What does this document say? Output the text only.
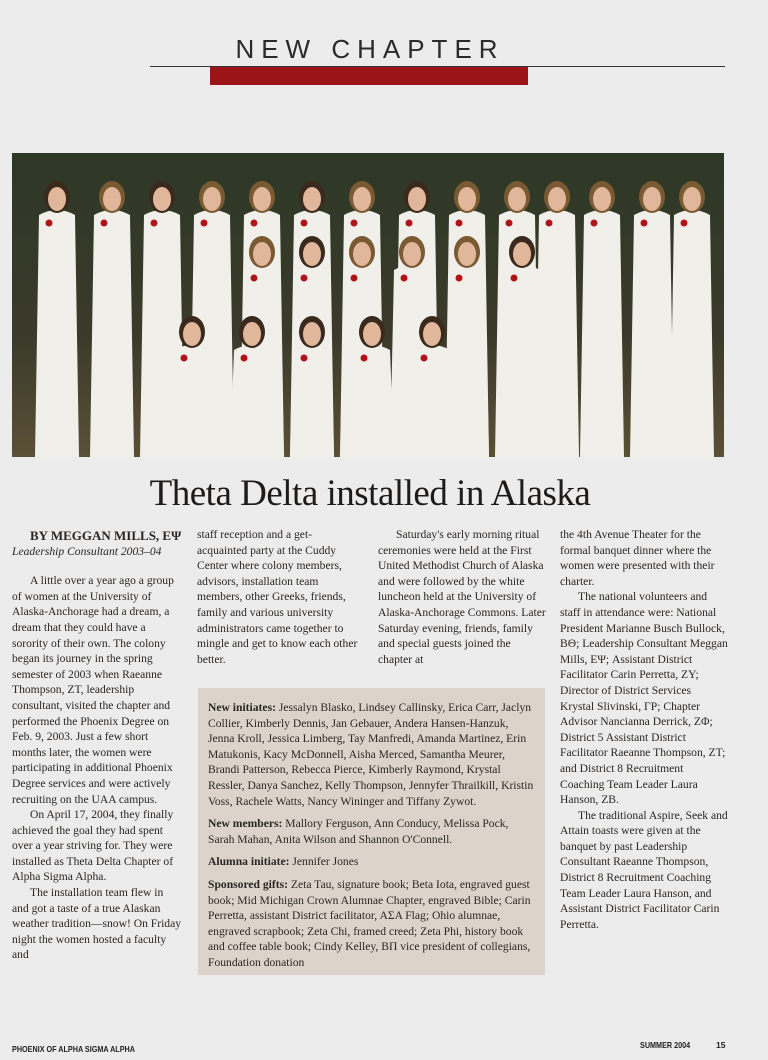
NEW CHAPTER
Theta Delta installed in Alaska

BY MEGGAN MILLS, EΨ

Leadership Consultant 2003–04

A little over a year ago a group of women at the University of Alaska-Anchorage had a dream, a dream that they could have a sorority of their own. The colony began its journey in the spring semester of 2003 when Raeanne Thompson, ZT, leadership consultant, visited the chapter and performed the Phoenix Degree on Feb. 9, 2003. Just a few short months later, the women were participating in additional Phoenix Degree services and were actively recruiting on the UAA campus.

On April 17, 2004, they finally achieved the goal they had spent over a year striving for. They were installed as Theta Delta Chapter of Alpha Sigma Alpha.

The installation team flew in and got a taste of a true Alaskan weather tradition—snow! On Friday night the women hosted a faculty and

staff reception and a get-acquainted party at the Cuddy Center where colony members, advisors, installation team members, other Greeks, friends, family and various university administrators came together to mingle and get to know each other better.

Saturday's early morning ritual ceremonies were held at the First United Methodist Church of Alaska and were followed by the white luncheon held at the University of Alaska-Anchorage Commons. Later Saturday evening, friends, family and special guests joined the chapter at

the 4th Avenue Theater for the formal banquet dinner where the women were presented with their charter.

The national volunteers and staff in attendance were: National President Marianne Busch Bullock, BΘ; Leadership Consultant Meggan Mills, EΨ; Assistant District Facilitator Carin Perretta, ZY; Director of District Services Krystal Slivinski, ΓP; Chapter Advisor Nancianna Derrick, ZΦ; District 5 Assistant District Facilitator Raeanne Thompson, ZT; and District 8 Recruitment Coaching Team Leader Laura Hanson, ZB.

The traditional Aspire, Seek and Attain toasts were given at the banquet by past Leadership Consultant Raeanne Thompson, District 8 Recruitment Coaching Team Leader Laura Hanson, and Assistant District Facilitator Carin Perretta.

New initiates: Jessalyn Blasko, Lindsey Callinsky, Erica Carr, Jaclyn Collier, Kimberly Dennis, Jan Gebauer, Andera Hansen-Hanzuk, Jenna Kroll, Jessica Limberg, Tay Manfredi, Amanda Martinez, Erin Matukonis, Kacy McDonnell, Aisha Merced, Samantha Meurer, Brandi Patterson, Rebecca Pierce, Kimberly Raymond, Krystal Ressler, Danya Sanchez, Kelly Thompson, Jennyfer Thrailkill, Kristin Voss, Rachele Watts, Nancy Wininger and Tiffany Zywot.

New members: Mallory Ferguson, Ann Conducy, Melissa Pock, Sarah Mahan, Anita Wilson and Shannon O'Connell.

Alumna initiate: Jennifer Jones

Sponsored gifts: Zeta Tau, signature book; Beta Iota, engraved guest book; Mid Michigan Crown Alumnae Chapter, engraved Bible; Carin Perretta, assistant District facilitator, AΣA Flag; Ohio alumnae, engraved scrapbook; Zeta Chi, framed creed; Zeta Phi, history book and coffee table book; Cindy Kelley, BΠ vice president of collegians, Foundation donation

PHOENIX OF ALPHA SIGMA ALPHA	SUMMER 2004	15
